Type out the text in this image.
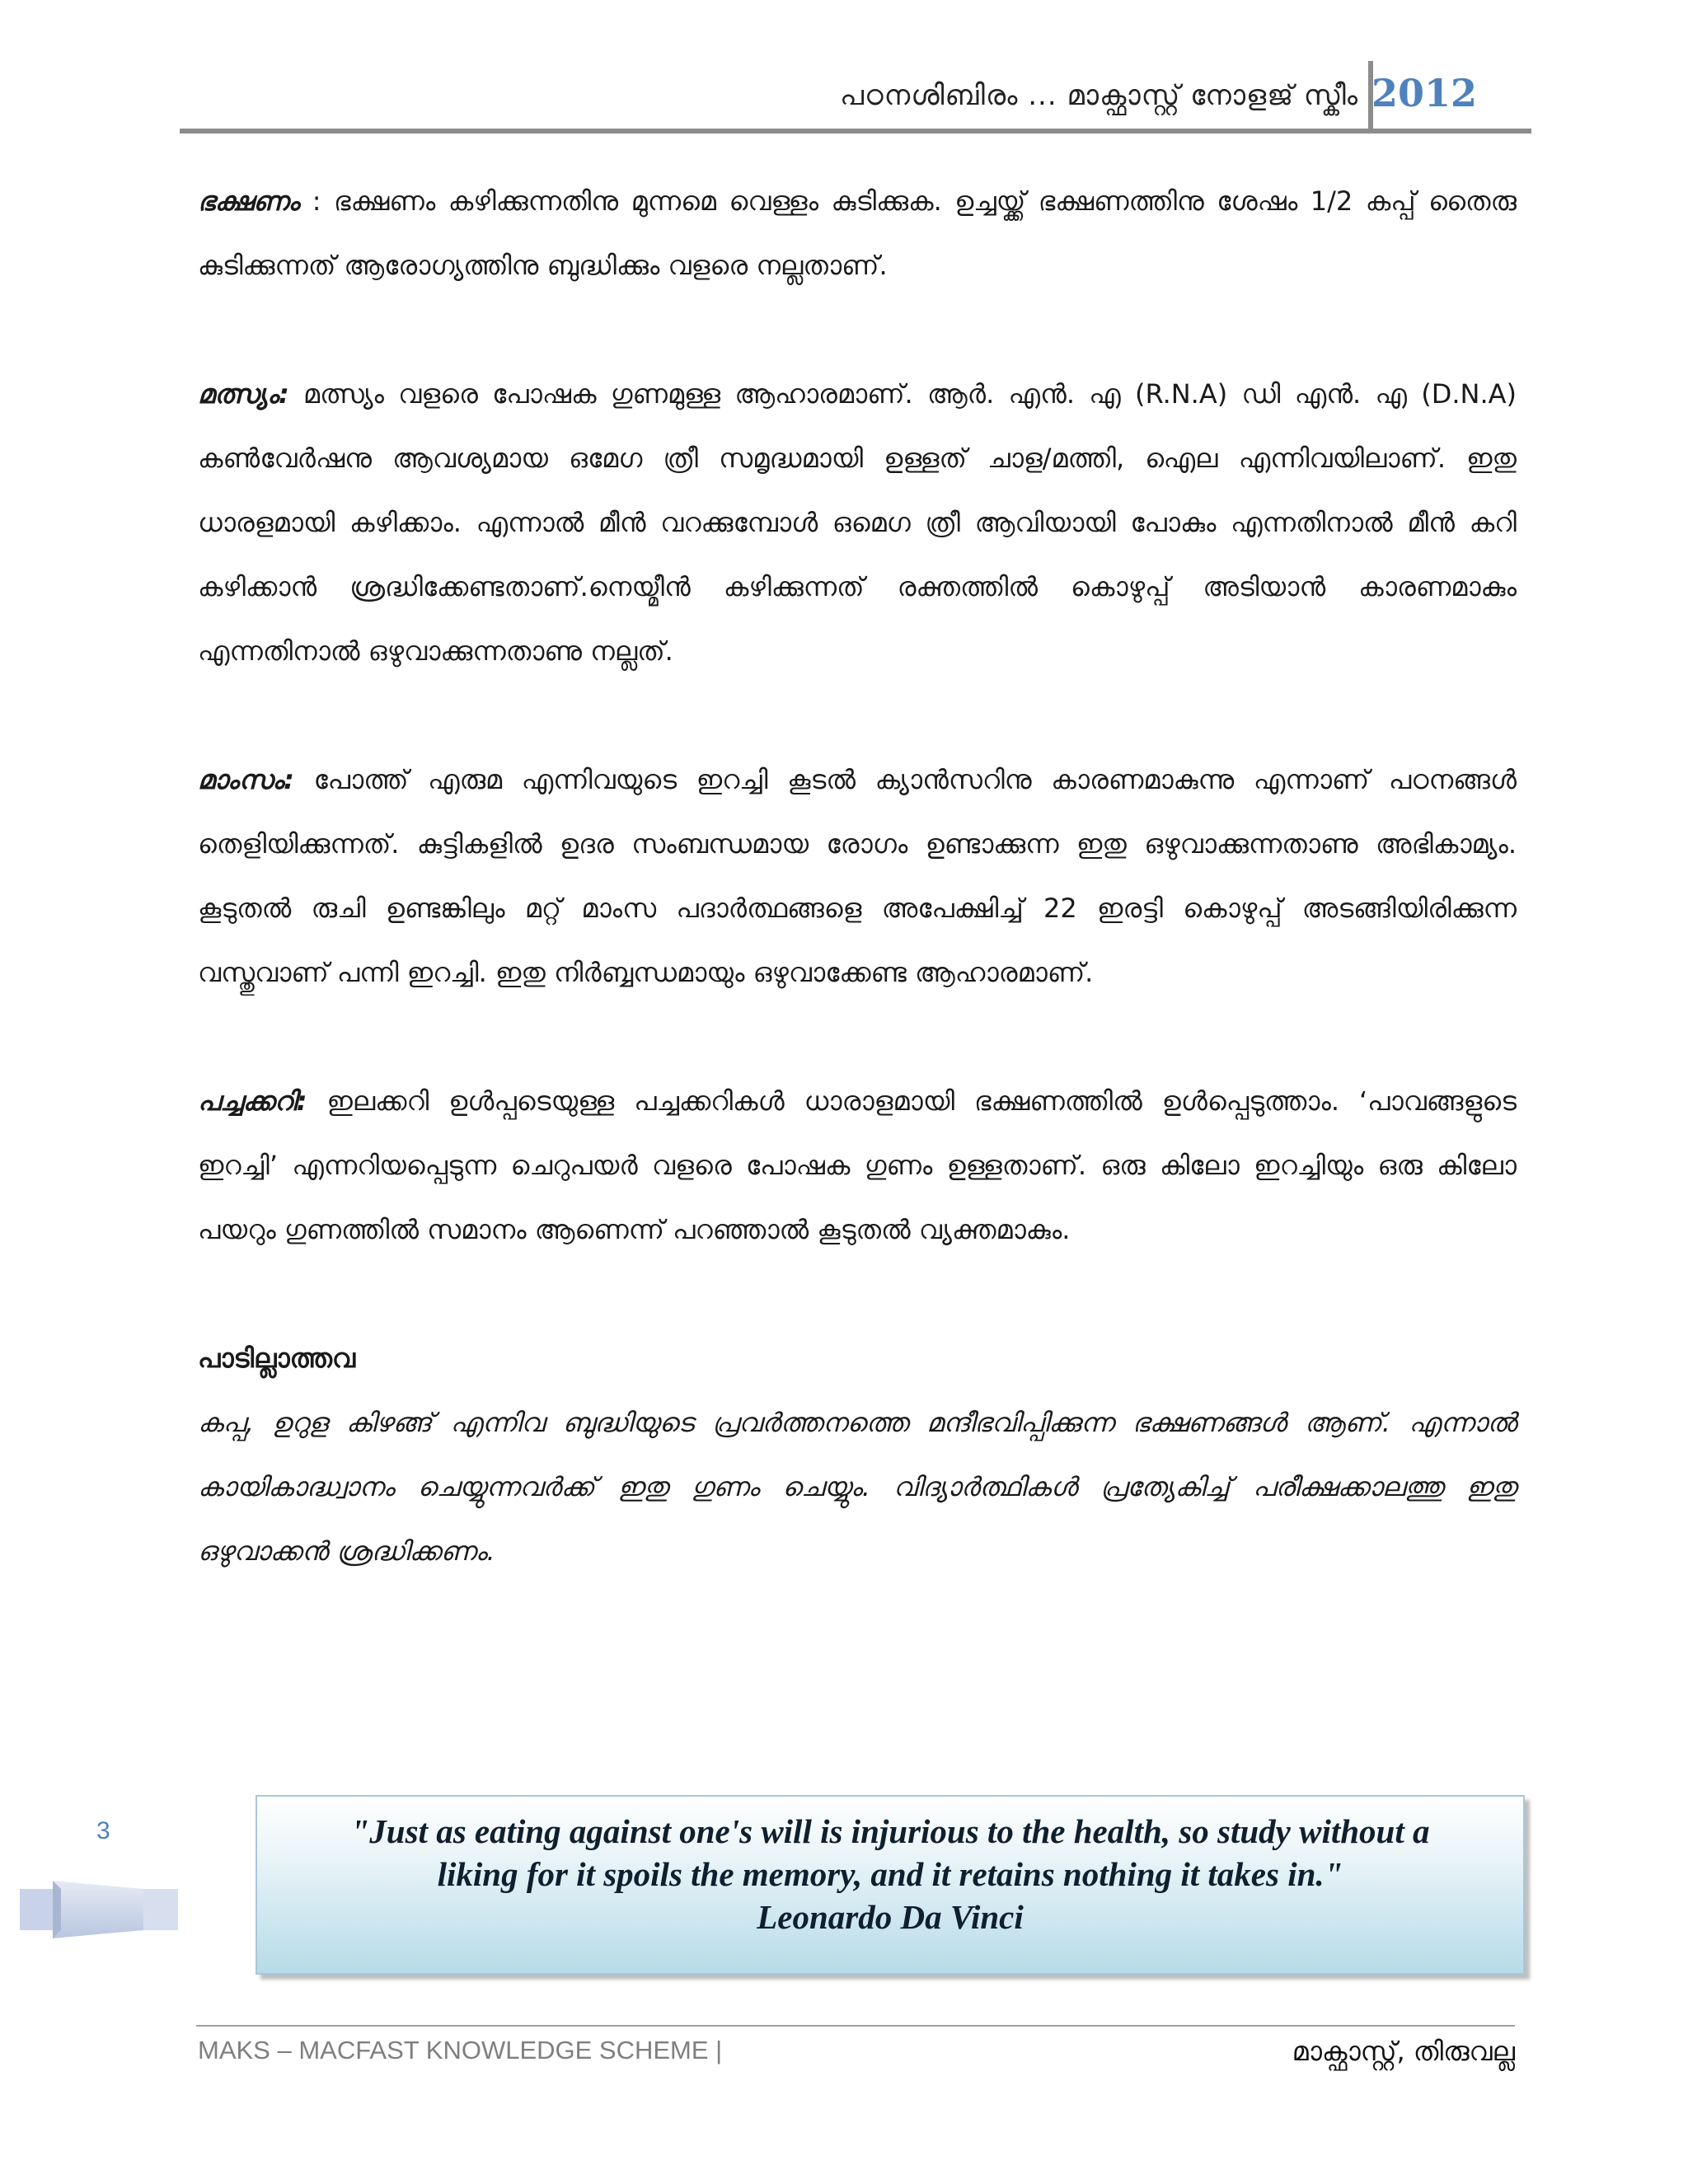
പഠനശിബിരം ... മാക്ഫാസ്റ്റ് നോളജ് സ്കീം 2012

ഭക്ഷണം : ഭക്ഷണം കഴിക്കുന്നതിനു മുന്നമെ വെള്ളം കുടിക്കുക. ഉച്ചയ്ക്ക് ഭക്ഷണത്തിനു ശേഷം 1/2 കപ്പ് തൈരു കുടിക്കുന്നത് ആരോഗ്യത്തിനു ബുദ്ധിക്കും വളരെ നല്ലതാണ്.

മത്സ്യം: മത്സ്യം വളരെ പോഷക ഗുണമുള്ള ആഹാരമാണ്. ആർ. എൻ. എ (R.N.A) ഡി എൻ. എ (D.N.A) കൺവേർഷനു ആവശ്യമായ ഒമേഗ ത്രീ സമൃദ്ധമായി ഉള്ളത് ചാള/മത്തി, ഐല എന്നിവയിലാണ്. ഇതു ധാരളമായി കഴിക്കാം. എന്നാൽ മീൻ വറക്കുമ്പോൾ ഒമെഗ ത്രീ ആവിയായി പോകും എന്നതിനാൽ മീൻ കറി കഴിക്കാൻ ശ്രദ്ധിക്കേണ്ടതാണ്.നെയ്മീൻ കഴിക്കുന്നത് രക്തത്തിൽ കൊഴുപ്പ് അടിയാൻ കാരണമാകും എന്നതിനാൽ ഒഴുവാക്കുന്നതാണു നല്ലത്.

മാംസം: പോത്ത് എരുമ എന്നിവയുടെ ഇറച്ചി കൂടൽ ക്യാൻസറിനു കാരണമാകുന്നു എന്നാണ് പഠനങ്ങൾ തെളിയിക്കുന്നത്. കുട്ടികളിൽ ഉദര സംബന്ധമായ രോഗം ഉണ്ടാക്കുന്ന ഇതു ഒഴുവാക്കുന്നതാണു അഭികാമ്യം. കൂടുതൽ രുചി ഉണ്ടങ്കിലും മറ്റ് മാംസ പദാർത്ഥങ്ങളെ അപേക്ഷിച്ച് 22 ഇരട്ടി കൊഴുപ്പ് അടങ്ങിയിരിക്കുന്ന വസ്തുവാണ് പന്നി ഇറച്ചി. ഇതു നിർബ്ബന്ധമായും ഒഴുവാക്കേണ്ട ആഹാരമാണ്.

പച്ചക്കറി: ഇലക്കറി ഉൾപ്പടെയുള്ള പച്ചക്കറികൾ ധാരാളമായി ഭക്ഷണത്തിൽ ഉൾപ്പെടുത്താം. ‘പാവങ്ങളുടെ ഇറച്ചി’ എന്നറിയപ്പെടുന്ന ചെറുപയർ വളരെ പോഷക ഗുണം ഉള്ളതാണ്. ഒരു കിലോ ഇറച്ചിയും ഒരു കിലോ പയറും ഗുണത്തിൽ സമാനം ആണെന്ന് പറഞ്ഞാൽ കൂടുതൽ വ്യക്തമാകും.

പാടില്ലാത്തവ

കപ്പ, ഉറുള കിഴങ്ങ് എന്നിവ ബുദ്ധിയുടെ പ്രവർത്തനത്തെ മന്ദീഭവിപ്പിക്കുന്ന ഭക്ഷണങ്ങൾ ആണ്. എന്നാൽ കായികാദ്ധ്വാനം ചെയ്യുന്നവർക്ക് ഇതു ഗുണം ചെയ്യും. വിദ്യാർത്ഥികൾ പ്രത്യേകിച്ച് പരീക്ഷക്കാലത്തു ഇതു ഒഴുവാക്കൻ ശ്രദ്ധിക്കണം.

3	"Just as eating against one's will is injurious to the health, so study without a
liking for it spoils the memory, and it retains nothing it takes in."
Leonardo Da Vinci
MAKS – MACFAST KNOWLEDGE SCHEME |	മാക്ഫാസ്റ്റ്, തിരുവല്ല
